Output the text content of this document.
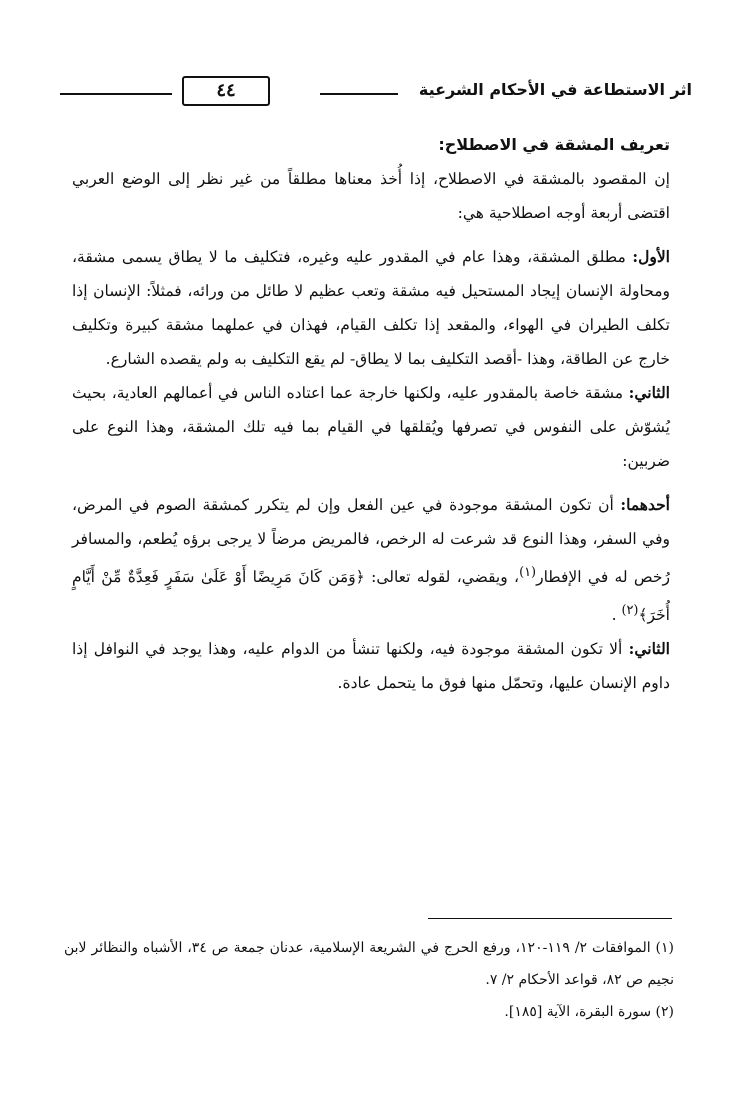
٤٤	اثر الاستطاعة في الأحكام الشرعية

تعريف المشقة في الاصطلاح:

إن المقصود بالمشقة في الاصطلاح، إذا أُخذ معناها مطلقاً من غير نظر إلى الوضع العربي اقتضى أربعة أوجه اصطلاحية هي:

الأول: مطلق المشقة، وهذا عام في المقدور عليه وغيره، فتكليف ما لا يطاق يسمى مشقة، ومحاولة الإنسان إيجاد المستحيل فيه مشقة وتعب عظيم لا طائل من ورائه، فمثلاً: الإنسان إذا تكلف الطيران في الهواء، والمقعد إذا تكلف القيام، فهذان في عملهما مشقة كبيرة وتكليف خارج عن الطاقة، وهذا -أقصد التكليف بما لا يطاق- لم يقع التكليف به ولم يقصده الشارع.

الثاني: مشقة خاصة بالمقدور عليه، ولكنها خارجة عما اعتاده الناس في أعمالهم العادية، بحيث يُشوّش على النفوس في تصرفها ويُقلقها في القيام بما فيه تلك المشقة، وهذا النوع على ضربين:

أحدهما: أن تكون المشقة موجودة في عين الفعل وإن لم يتكرر كمشقة الصوم في المرض، وفي السفر، وهذا النوع قد شرعت له الرخص، فالمريض مرضاً لا يرجى برؤه يُطعم، والمسافر رُخص له في الإفطار$^{(١)}$، ويقضي، لقوله تعالى: ﴿وَمَن كَانَ مَرِيضًا أَوْ عَلَىٰ سَفَرٍ فَعِدَّةٌ مِّنْ أَيَّامٍ أُخَرَ﴾$^{(٢)}$ .

الثاني: ألا تكون المشقة موجودة فيه، ولكنها تنشأ من الدوام عليه، وهذا يوجد في النوافل إذا داوم الإنسان عليها، وتحمّل منها فوق ما يتحمل عادة.

(١) الموافقات ٢/ ١١٩-١٢٠، ورفع الحرج في الشريعة الإسلامية، عدنان جمعة ص ٣٤، الأشباه والنظائر لابن نجيم ص ٨٢، قواعد الأحكام ٢/ ٧.

(٢) سورة البقرة، الآية [١٨٥].
